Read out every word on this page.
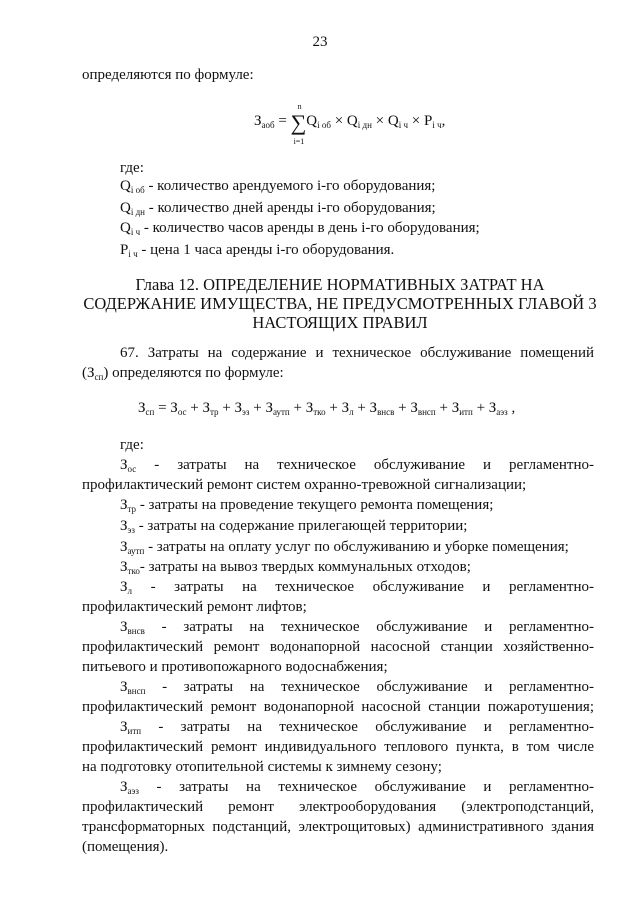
23
определяются по формуле:
$З_{аоб}$ =
n
∑
i=1
$Q_{i об} \times Q_{i дн} \times Q_{i ч} \times P_{i ч}$,
где:
$Q_{i об}$ - количество арендуемого i-го оборудования;
$Q_{i дн}$ - количество дней аренды i-го оборудования;
$Q_{i ч}$ - количество часов аренды в день i-го оборудования;
$P_{i ч}$ - цена 1 часа аренды i-го оборудования.
Глава 12. ОПРЕДЕЛЕНИЕ НОРМАТИВНЫХ ЗАТРАТ НА
СОДЕРЖАНИЕ ИМУЩЕСТВА, НЕ ПРЕДУСМОТРЕННЫХ ГЛАВОЙ 3
НАСТОЯЩИХ ПРАВИЛ
67. Затраты на содержание и техническое обслуживание помещений
$(З_{сп})$ определяются по формуле:
$З_{сп} = З_{ос} + З_{тр} + З_{эз} + З_{аутп} + З_{тко} + З_л + З_{внсв} + З_{внсп} + З_{итп} + З_{аэз}$ ,
где:
$З_{ос}$ - затраты на техническое обслуживание и регламентно-
профилактический ремонт систем охранно-тревожной сигнализации;
$З_{тр}$ - затраты на проведение текущего ремонта помещения;
$З_{эз}$ - затраты на содержание прилегающей территории;
$З_{аутп}$ - затраты на оплату услуг по обслуживанию и уборке помещения;
$З_{тко}-$ затраты на вывоз твердых коммунальных отходов;
$З_л$ - затраты на техническое обслуживание и регламентно-
профилактический ремонт лифтов;
$З_{внсв}$ - затраты на техническое обслуживание и регламентно-
профилактический ремонт водонапорной насосной станции хозяйственно-
питьевого и противопожарного водоснабжения;
$З_{внсп}$ - затраты на техническое обслуживание и регламентно-
профилактический ремонт водонапорной насосной станции пожаротушения;
$З_{итп}$ - затраты на техническое обслуживание и регламентно-
профилактический ремонт индивидуального теплового пункта, в том числе
на подготовку отопительной системы к зимнему сезону;
$З_{аэз}$ - затраты на техническое обслуживание и регламентно-
профилактический ремонт электрооборудования (электроподстанций,
трансформаторных подстанций, электрощитовых) административного здания
(помещения).
